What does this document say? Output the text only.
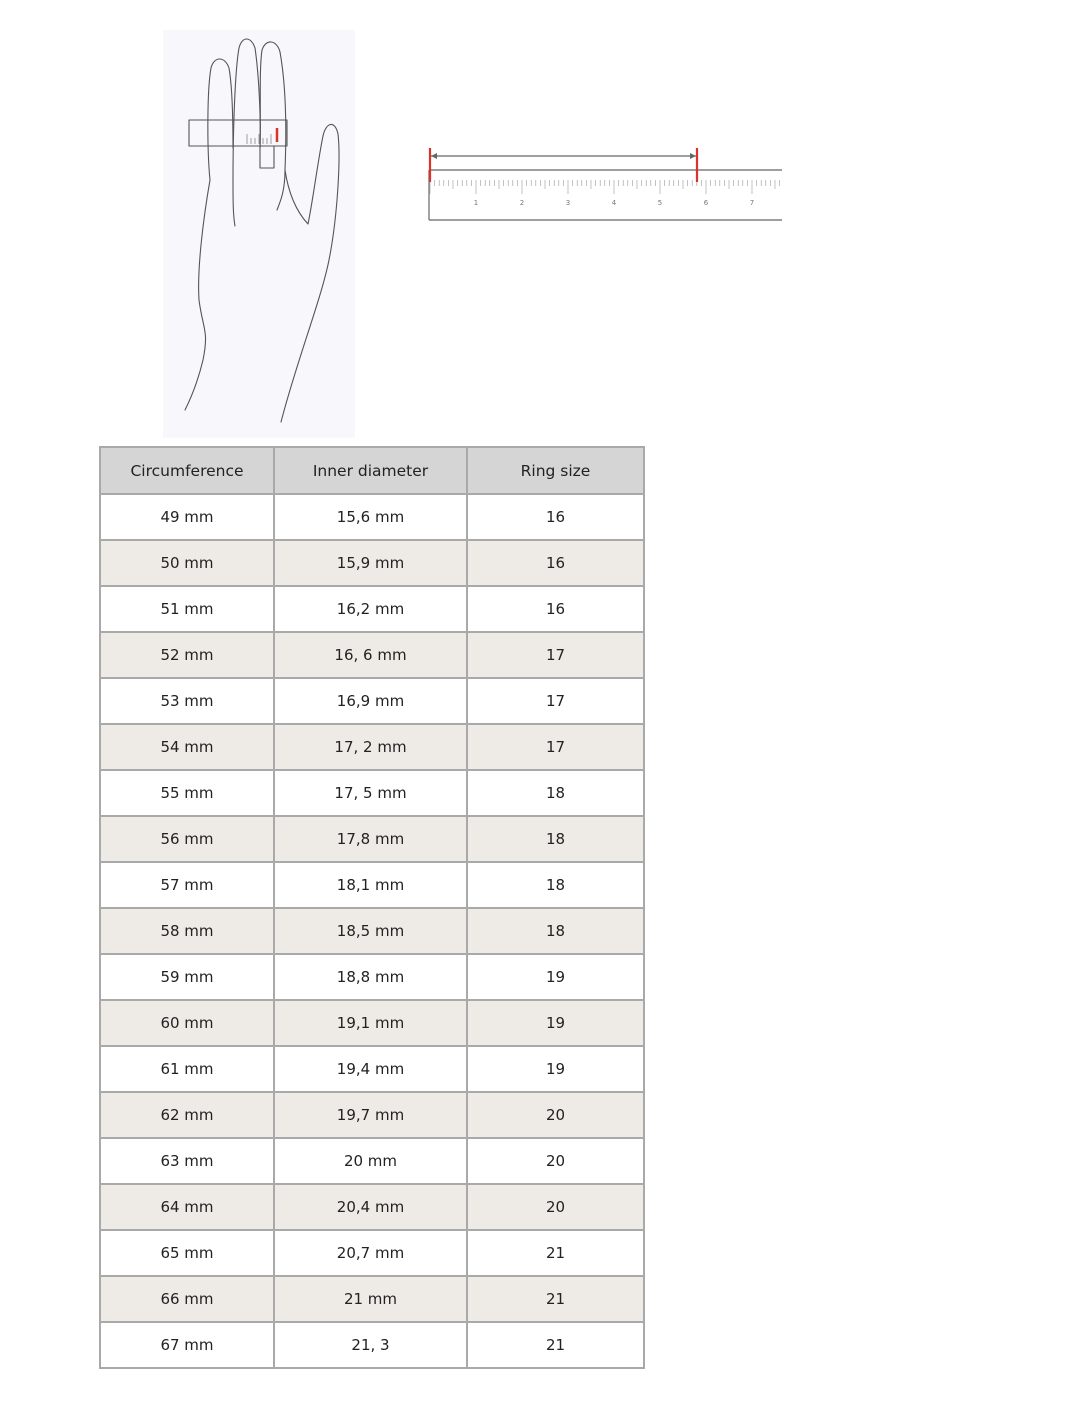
1	2	3	4	5	6	7
Circumference	Inner diameter	Ring size
49 mm	15,6 mm	16
50 mm	15,9 mm	16
51 mm	16,2 mm	16
52 mm	16, 6 mm	17
53 mm	16,9 mm	17
54 mm	17, 2 mm	17
55 mm	17, 5 mm	18
56 mm	17,8 mm	18
57 mm	18,1 mm	18
58 mm	18,5 mm	18
59 mm	18,8 mm	19
60 mm	19,1 mm	19
61 mm	19,4 mm	19
62 mm	19,7 mm	20
63 mm	20 mm	20
64 mm	20,4 mm	20
65 mm	20,7 mm	21
66 mm	21 mm	21
67 mm	21, 3	21
